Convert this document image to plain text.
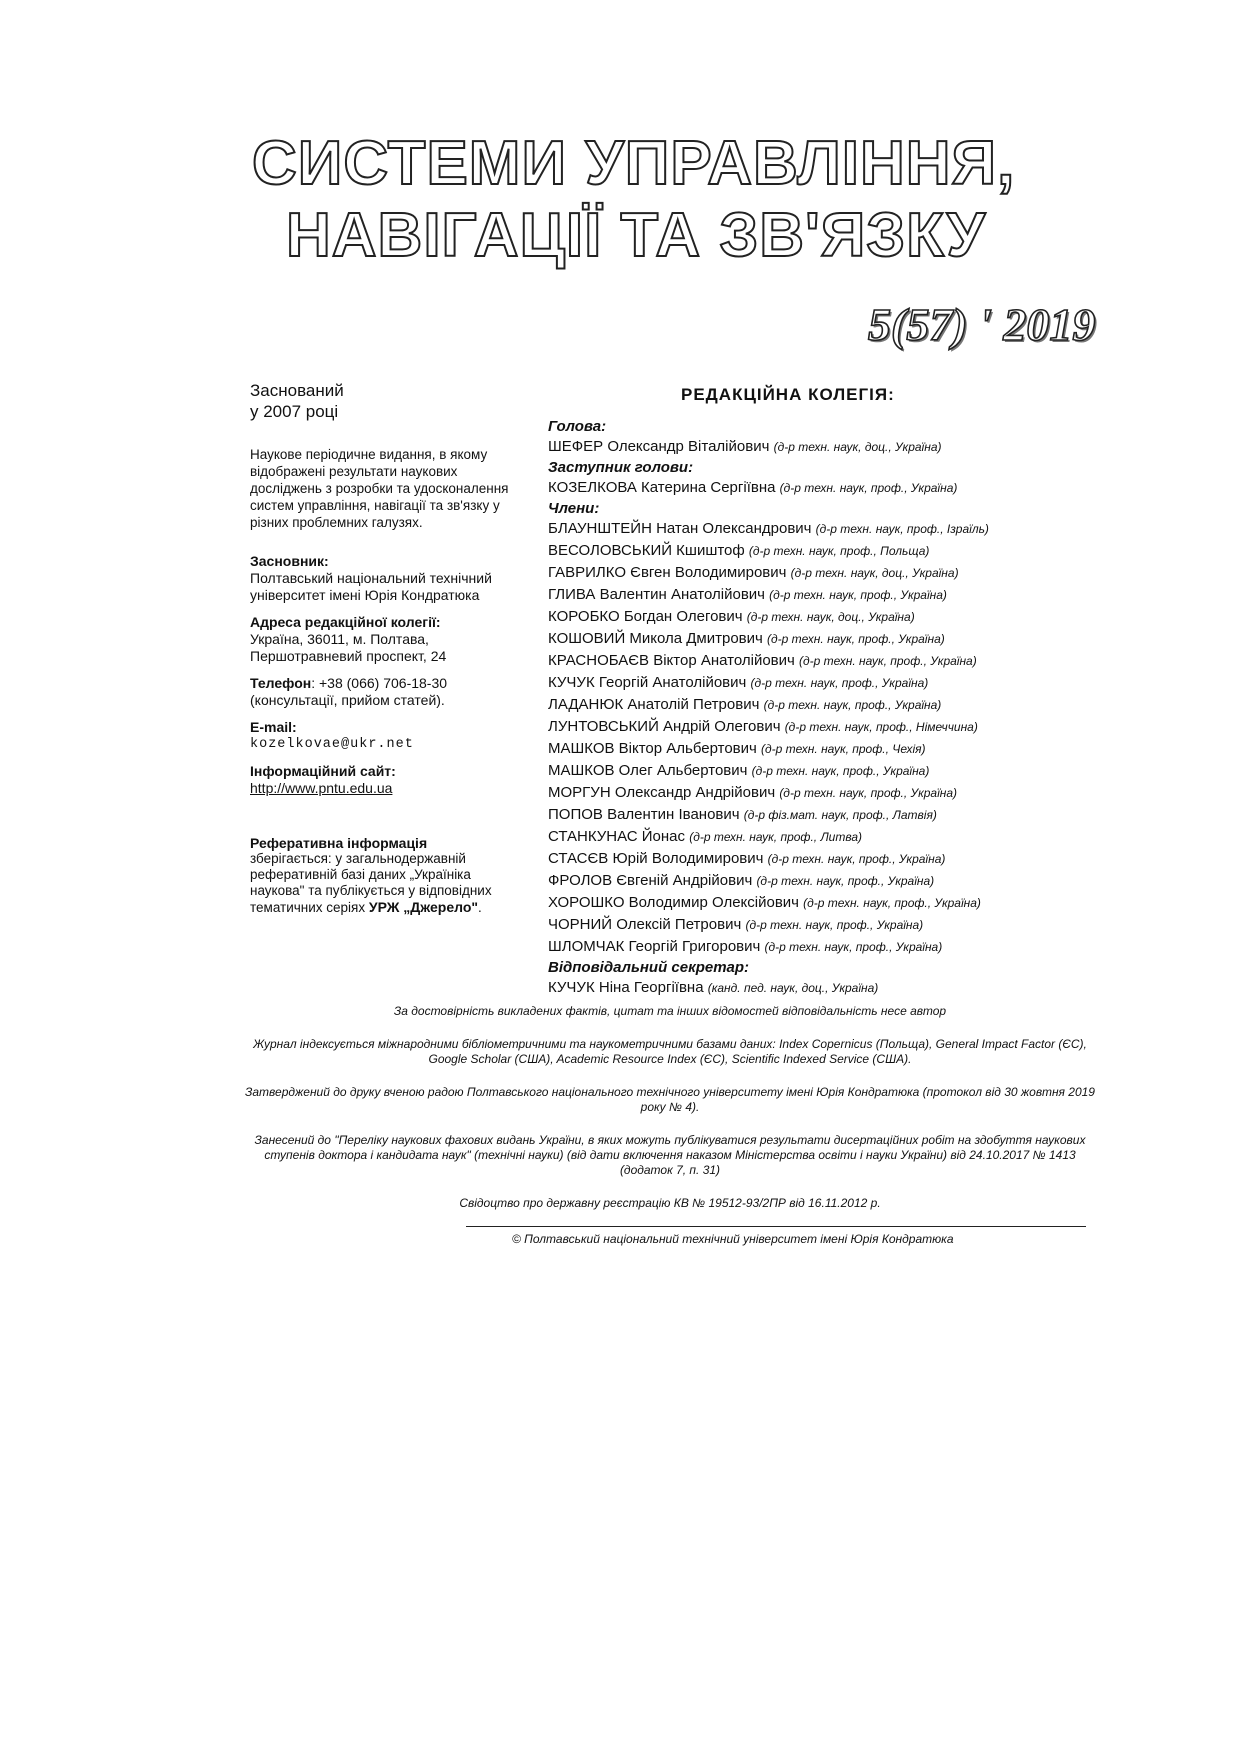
СИСТЕМИ УПРАВЛІННЯ,
НАВІГАЦІЇ ТА ЗВ'ЯЗКУ
5(57) ' 2019
Заснований
у 2007 році
Наукове періодичне видання, в якому відображені результати наукових досліджень з розробки та удосконалення систем управління, навігації та зв'язку у різних проблемних галузях.
Засновник:
Полтавський національний технічний університет імені Юрія Кондратюка
Адреса редакційної колегії:
Україна, 36011, м. Полтава, Першотравневий проспект, 24
Телефон: +38 (066) 706-18-30 (консультації, прийом статей).
E-mail:
kozelkovae@ukr.net
Інформаційний сайт:
http://www.pntu.edu.ua
Реферативна інформація
зберігається: у загальнодержавній реферативній базі даних „Україніка наукова" та публікується у відповідних тематичних серіях УРЖ „Джерело".
РЕДАКЦІЙНА КОЛЕГІЯ:
Голова:
ШЕФЕР Олександр Віталійович (д-р техн. наук, доц., Україна)
Заступник голови:
КОЗЕЛКОВА Катерина Сергіївна (д-р техн. наук, проф., Україна)
Члени:
БЛАУНШТЕЙН Натан Олександрович (д-р техн. наук, проф., Ізраїль)
ВЕСОЛОВСЬКИЙ Кшиштоф (д-р техн. наук, проф., Польща)
ГАВРИЛКО Євген Володимирович (д-р техн. наук, доц., Україна)
ГЛИВА Валентин Анатолійович (д-р техн. наук, проф., Україна)
КОРОБКО Богдан Олегович (д-р техн. наук, доц., Україна)
КОШОВИЙ Микола Дмитрович (д-р техн. наук, проф., Україна)
КРАСНОБАЄВ Віктор Анатолійович (д-р техн. наук, проф., Україна)
КУЧУК Георгій Анатолійович (д-р техн. наук, проф., Україна)
ЛАДАНЮК Анатолій Петрович (д-р техн. наук, проф., Україна)
ЛУНТОВСЬКИЙ Андрій Олегович (д-р техн. наук, проф., Німеччина)
МАШКОВ Віктор Альбертович (д-р техн. наук, проф., Чехія)
МАШКОВ Олег Альбертович (д-р техн. наук, проф., Україна)
МОРГУН Олександр Андрійович (д-р техн. наук, проф., Україна)
ПОПОВ Валентин Іванович (д-р фіз.мат. наук, проф., Латвія)
СТАНКУНАС Йонас (д-р техн. наук, проф., Литва)
СТАСЄВ Юрій Володимирович (д-р техн. наук, проф., Україна)
ФРОЛОВ Євгеній Андрійович (д-р техн. наук, проф., Україна)
ХОРОШКО Володимир Олексійович (д-р техн. наук, проф., Україна)
ЧОРНИЙ Олексій Петрович (д-р техн. наук, проф., Україна)
ШЛОМЧАК Георгій Григорович (д-р техн. наук, проф., Україна)
Відповідальний секретар:
КУЧУК Ніна Георгіївна (канд. пед. наук, доц., Україна)

За достовірність викладених фактів, цитат та інших відомостей відповідальність несе автор

Журнал індексується міжнародними бібліометричними та наукометричними базами даних: Index Copernicus (Польща), General Impact Factor (ЄС), Google Scholar (США), Academic Resource Index (ЄС), Scientific Indexed Service (США).

Затверджений до друку вченою радою Полтавського національного технічного університету імені Юрія Кондратюка (протокол від 30 жовтня 2019 року № 4).

Занесений до "Переліку наукових фахових видань України, в яких можуть публікуватися результати дисертаційних робіт на здобуття наукових ступенів доктора і кандидата наук" (технічні науки) (від дати включення наказом Міністерства освіти і науки України) від 24.10.2017 № 1413 (додаток 7, п. 31)

Свідоцтво про державну реєстрацію КВ № 19512-93/2ПР від 16.11.2012 р.

© Полтавський національний технічний університет імені Юрія Кондратюка
